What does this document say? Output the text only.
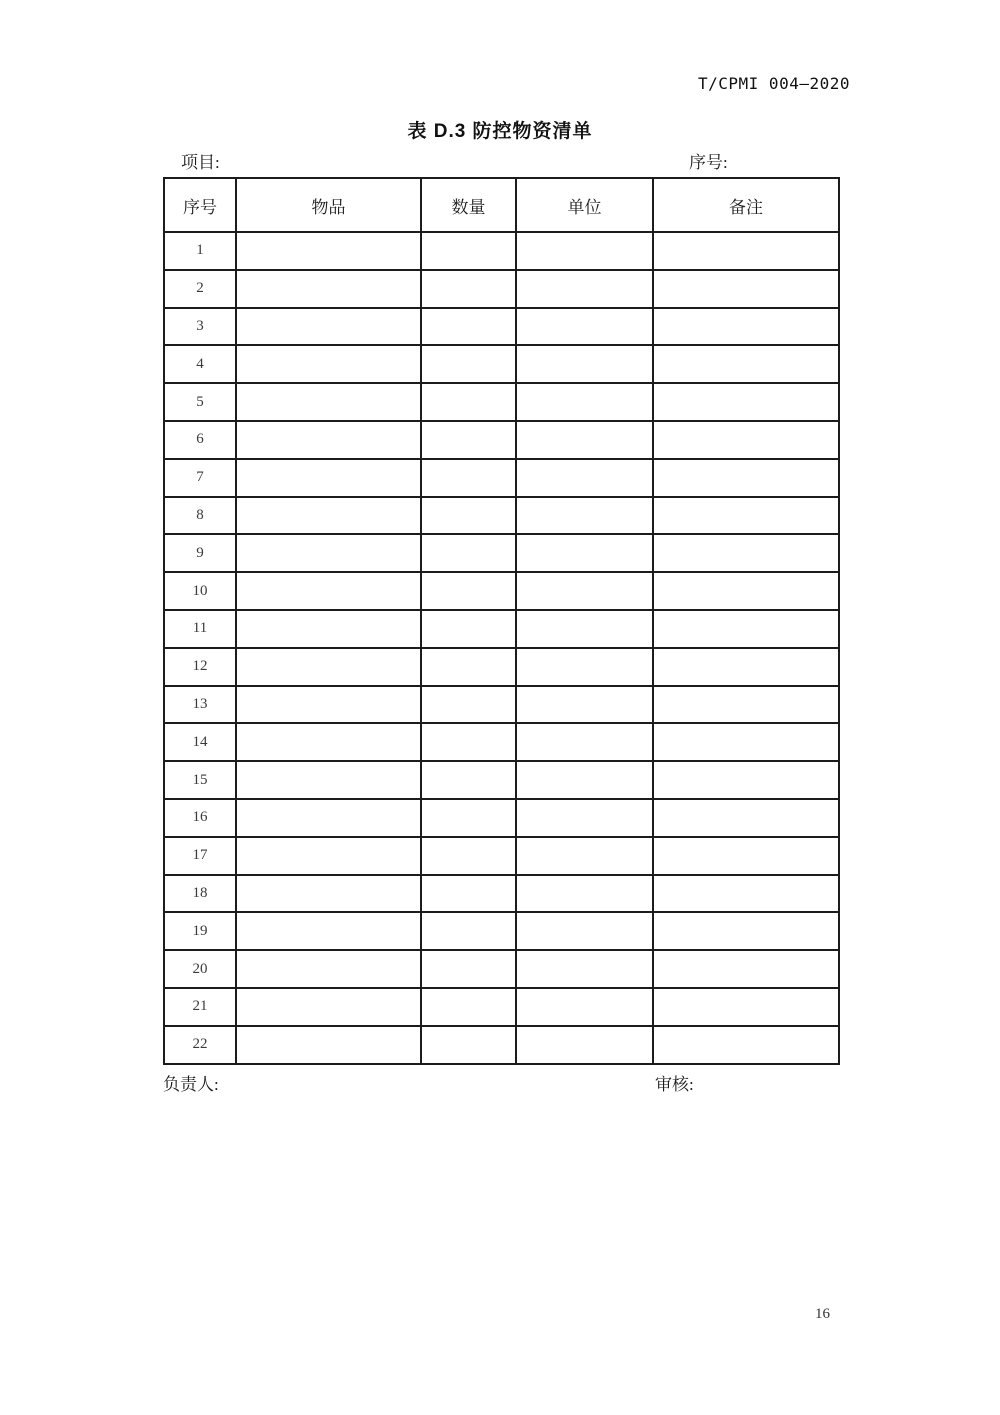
T/CPMI 004—2020
表 D.3 防控物资清单
项目:	序号:
序号	物品	数量	单位	备注
1				
2				
3				
4				
5				
6				
7				
8				
9				
10				
11				
12				
13				
14				
15				
16				
17				
18				
19				
20				
21				
22				
负责人:	审核:
16
